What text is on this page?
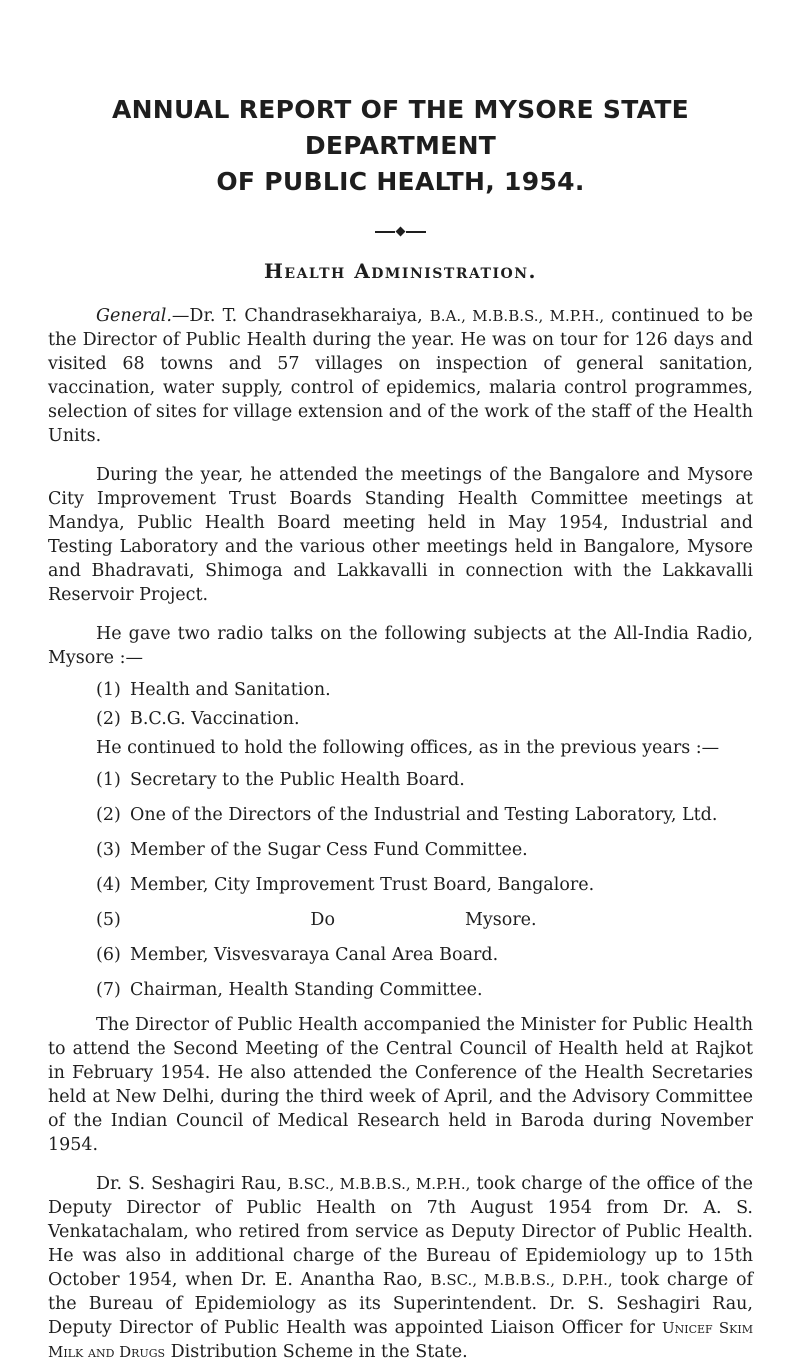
ANNUAL REPORT OF THE MYSORE STATE DEPARTMENT
OF PUBLIC HEALTH, 1954.
Health Administration.

General.—Dr. T. Chandrasekharaiya, B.A., M.B.B.S., M.P.H., continued to be the Director of Public Health during the year. He was on tour for 126 days and visited 68 towns and 57 villages on inspection of general sanitation, vaccination, water supply, control of epidemics, malaria control programmes, selection of sites for village extension and of the work of the staff of the Health Units.

During the year, he attended the meetings of the Bangalore and Mysore City Improvement Trust Boards Standing Health Committee meetings at Mandya, Public Health Board meeting held in May 1954, Industrial and Testing Laboratory and the various other meetings held in Bangalore, Mysore and Bhadravati, Shimoga and Lakkavalli in connection with the Lakkavalli Reservoir Project.

He gave two radio talks on the following subjects at the All-India Radio, Mysore :—

(1) Health and Sanitation.
(2) B.C.G. Vaccination.

He continued to hold the following offices, as in the previous years :—

(1) Secretary to the Public Health Board.
(2) One of the Directors of the Industrial and Testing Laboratory, Ltd.
(3) Member of the Sugar Cess Fund Committee.
(4) Member, City Improvement Trust Board, Bangalore.
(5)	Do	Mysore.
(6) Member, Visvesvaraya Canal Area Board.
(7) Chairman, Health Standing Committee.

The Director of Public Health accompanied the Minister for Public Health to attend the Second Meeting of the Central Council of Health held at Rajkot in February 1954. He also attended the Conference of the Health Secretaries held at New Delhi, during the third week of April, and the Advisory Committee of the Indian Council of Medical Research held in Baroda during November 1954.

Dr. S. Seshagiri Rau, B.SC., M.B.B.S., M.P.H., took charge of the office of the Deputy Director of Public Health on 7th August 1954 from Dr. A. S. Venkatachalam, who retired from service as Deputy Director of Public Health. He was also in additional charge of the Bureau of Epidemiology up to 15th October 1954, when Dr. E. Anantha Rao, B.SC., M.B.B.S., D.P.H., took charge of the Bureau of Epidemiology as its Superintendent. Dr. S. Seshagiri Rau, Deputy Director of Public Health was appointed Liaison Officer for Unicef Skim Milk and Drugs Distribution Scheme in the State.
